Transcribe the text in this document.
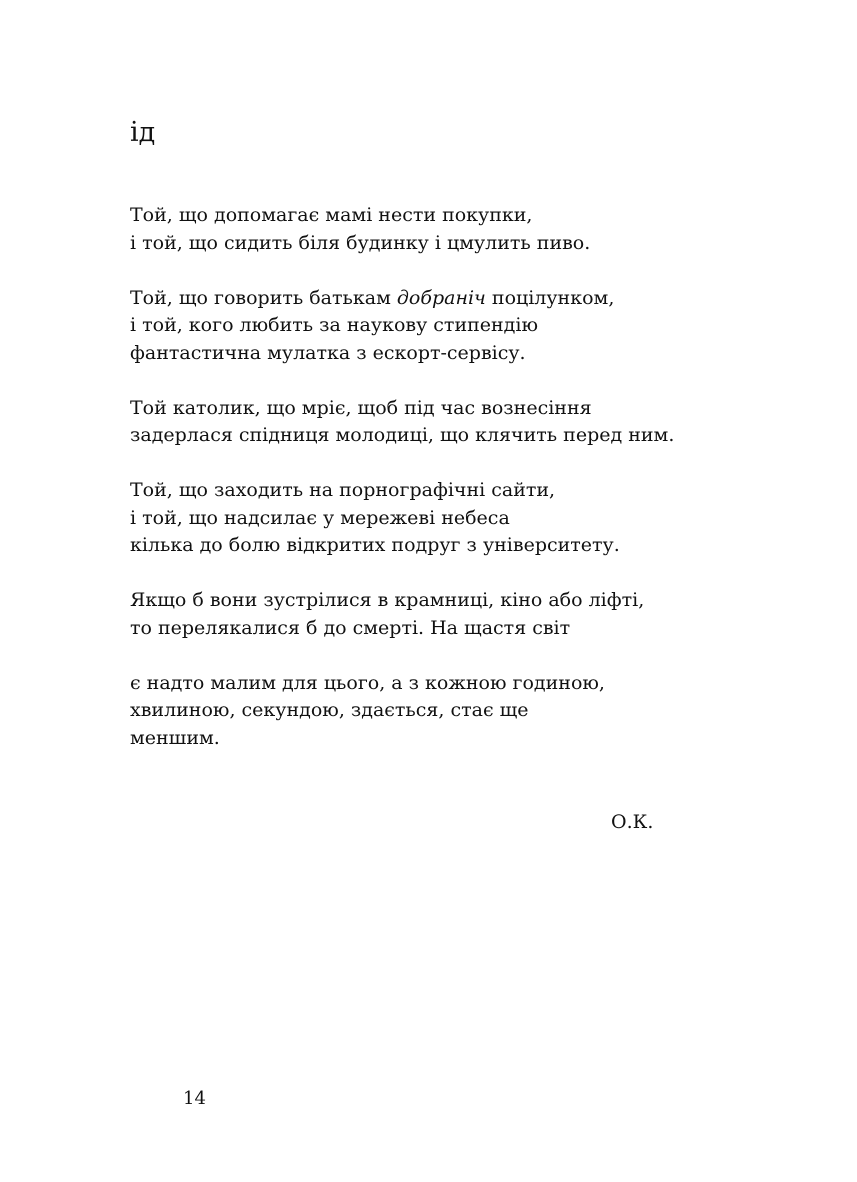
ід
Той, що допомагає мамі нести покупки,
і той, що сидить біля будинку і цмулить пиво.
Той, що говорить батькам добраніч поцілунком,
і той, кого любить за наукову стипендію
фантастична мулатка з ескорт-сервісу.
Той католик, що мріє, щоб під час вознесіння
задерлася спідниця молодиці, що клячить перед ним.
Той, що заходить на порнографічні сайти,
і той, що надсилає у мережеві небеса
кілька до болю відкритих подруг з університету.
Якщо б вони зустрілися в крамниці, кіно або ліфті,
то перелякалися б до смерті. На щастя світ
є надто малим для цього, а з кожною годиною,
хвилиною, секундою, здається, стає ще
меншим.
О.К.
14
